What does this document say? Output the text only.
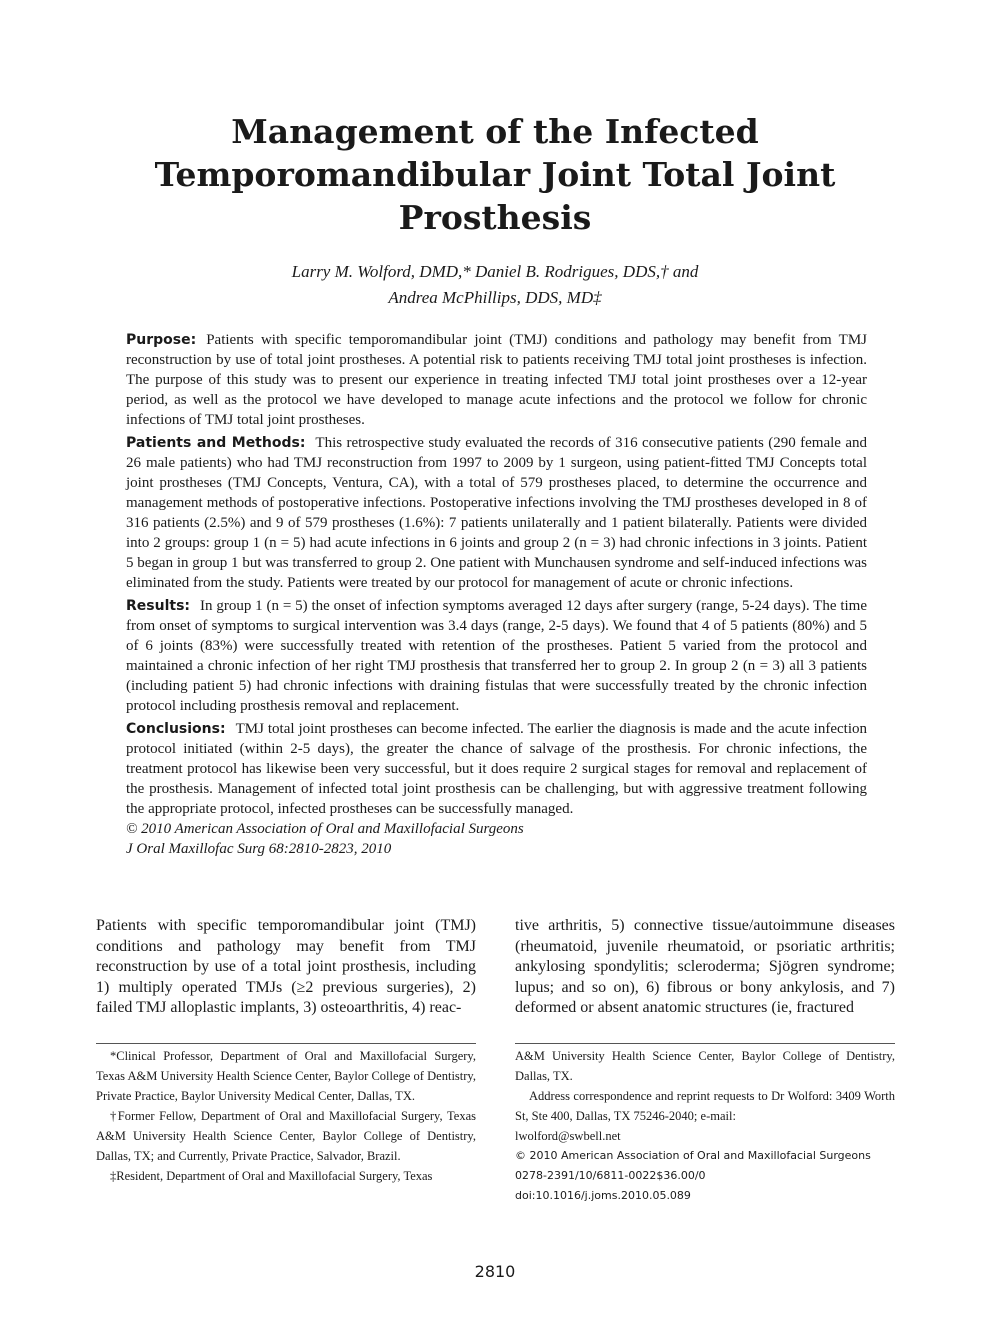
Management of the Infected Temporomandibular Joint Total Joint Prosthesis
Larry M. Wolford, DMD,* Daniel B. Rodrigues, DDS,† and
Andrea McPhillips, DDS, MD‡

Purpose: Patients with specific temporomandibular joint (TMJ) conditions and pathology may benefit from TMJ reconstruction by use of total joint prostheses. A potential risk to patients receiving TMJ total joint prostheses is infection. The purpose of this study was to present our experience in treating infected TMJ total joint prostheses over a 12-year period, as well as the protocol we have developed to manage acute infections and the protocol we follow for chronic infections of TMJ total joint prostheses.

Patients and Methods: This retrospective study evaluated the records of 316 consecutive patients (290 female and 26 male patients) who had TMJ reconstruction from 1997 to 2009 by 1 surgeon, using patient-fitted TMJ Concepts total joint prostheses (TMJ Concepts, Ventura, CA), with a total of 579 prostheses placed, to determine the occurrence and management methods of postoperative infections. Postoperative infections involving the TMJ prostheses developed in 8 of 316 patients (2.5%) and 9 of 579 prostheses (1.6%): 7 patients unilaterally and 1 patient bilaterally. Patients were divided into 2 groups: group 1 (n = 5) had acute infections in 6 joints and group 2 (n = 3) had chronic infections in 3 joints. Patient 5 began in group 1 but was transferred to group 2. One patient with Munchausen syndrome and self-induced infections was eliminated from the study. Patients were treated by our protocol for management of acute or chronic infections.

Results: In group 1 (n = 5) the onset of infection symptoms averaged 12 days after surgery (range, 5-24 days). The time from onset of symptoms to surgical intervention was 3.4 days (range, 2-5 days). We found that 4 of 5 patients (80%) and 5 of 6 joints (83%) were successfully treated with retention of the prostheses. Patient 5 varied from the protocol and maintained a chronic infection of her right TMJ prosthesis that transferred her to group 2. In group 2 (n = 3) all 3 patients (including patient 5) had chronic infections with draining fistulas that were successfully treated by the chronic infection protocol including prosthesis removal and replacement.

Conclusions: TMJ total joint prostheses can become infected. The earlier the diagnosis is made and the acute infection protocol initiated (within 2-5 days), the greater the chance of salvage of the prosthesis. For chronic infections, the treatment protocol has likewise been very successful, but it does require 2 surgical stages for removal and replacement of the prosthesis. Management of infected total joint prosthesis can be challenging, but with aggressive treatment following the appropriate protocol, infected prostheses can be successfully managed.

© 2010 American Association of Oral and Maxillofacial Surgeons

J Oral Maxillofac Surg 68:2810-2823, 2010

Patients with specific temporomandibular joint (TMJ) conditions and pathology may benefit from TMJ reconstruction by use of a total joint prosthesis, including 1) multiply operated TMJs (≥2 previous surgeries), 2) failed TMJ alloplastic implants, 3) osteoarthritis, 4) reac-
tive arthritis, 5) connective tissue/autoimmune diseases (rheumatoid, juvenile rheumatoid, or psoriatic arthritis; ankylosing spondylitis; scleroderma; Sjögren syndrome; lupus; and so on), 6) fibrous or bony ankylosis, and 7) deformed or absent anatomic structures (ie, fractured

*Clinical Professor, Department of Oral and Maxillofacial Surgery, Texas A&M University Health Science Center, Baylor College of Dentistry, Private Practice, Baylor University Medical Center, Dallas, TX.

†Former Fellow, Department of Oral and Maxillofacial Surgery, Texas A&M University Health Science Center, Baylor College of Dentistry, Dallas, TX; and Currently, Private Practice, Salvador, Brazil.

‡Resident, Department of Oral and Maxillofacial Surgery, Texas

A&M University Health Science Center, Baylor College of Dentistry, Dallas, TX.

Address correspondence and reprint requests to Dr Wolford: 3409 Worth St, Ste 400, Dallas, TX 75246-2040; e-mail:

lwolford@swbell.net

© 2010 American Association of Oral and Maxillofacial Surgeons

0278-2391/10/6811-0022$36.00/0

doi:10.1016/j.joms.2010.05.089

2810
